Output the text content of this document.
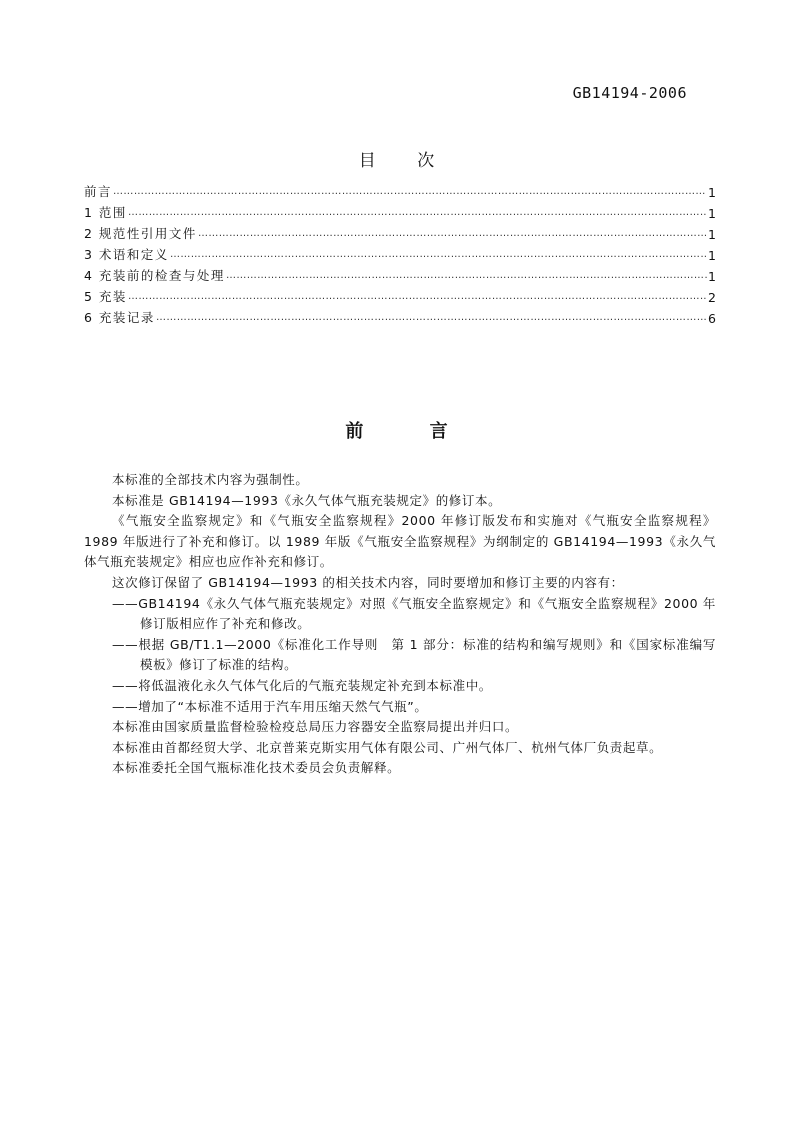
GB14194-2006
目 次
前言 …………………………………………………………………………………………………………………………………………………………………………………………	1
1 范围 …………………………………………………………………………………………………………………………………………………………………………………………	1
2 规范性引用文件 …………………………………………………………………………………………………………………………………………………………………………………………	1
3 术语和定义 …………………………………………………………………………………………………………………………………………………………………………………………	1
4 充装前的检查与处理 …………………………………………………………………………………………………………………………………………………………………………………………	1
5 充装 …………………………………………………………………………………………………………………………………………………………………………………………	2
6 充装记录 …………………………………………………………………………………………………………………………………………………………………………………………	6
前 言

本标准的全部技术内容为强制性。

本标准是 GB14194—1993《永久气体气瓶充装规定》的修订本。

《气瓶安全监察规定》和《气瓶安全监察规程》2000 年修订版发布和实施对《气瓶安全监察规程》1989 年版进行了补充和修订。以 1989 年版《气瓶安全监察规程》为纲制定的 GB14194—1993《永久气体气瓶充装规定》相应也应作补充和修订。

这次修订保留了 GB14194—1993 的相关技术内容，同时要增加和修订主要的内容有：

——GB14194《永久气体气瓶充装规定》对照《气瓶安全监察规定》和《气瓶安全监察规程》2000 年修订版相应作了补充和修改。

——根据 GB/T1.1—2000《标准化工作导则　第 1 部分：标准的结构和编写规则》和《国家标准编写模板》修订了标准的结构。

——将低温液化永久气体气化后的气瓶充装规定补充到本标准中。

——增加了“本标准不适用于汽车用压缩天然气气瓶”。

本标准由国家质量监督检验检疫总局压力容器安全监察局提出并归口。

本标准由首都经贸大学、北京普莱克斯实用气体有限公司、广州气体厂、杭州气体厂负责起草。

本标准委托全国气瓶标准化技术委员会负责解释。
